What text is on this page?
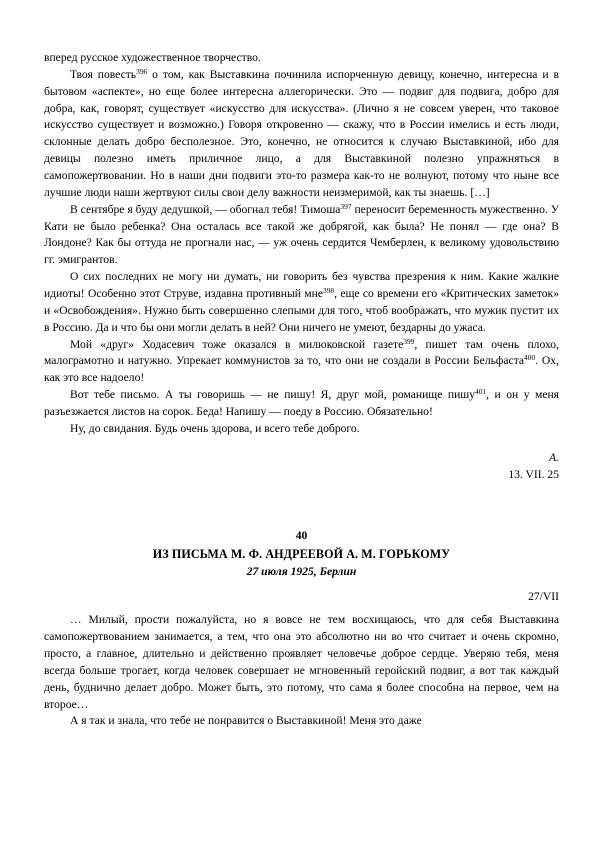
вперед русское художественное творчество.

Твоя повесть$^{396}$ о том, как Выставкина починила испорченную девицу, конечно, интересна и в бытовом «аспекте», но еще более интересна аллегорически. Это — подвиг для подвига, добро для добра, как, говорят, существует «искусство для искусства». (Лично я не совсем уверен, что таковое искусство существует и возможно.) Говоря откровенно — скажу, что в России имелись и есть люди, склонные делать добро бесполезное. Это, конечно, не относится к случаю Выставкиной, ибо для девицы полезно иметь приличное лицо, а для Выставкиной полезно упражняться в самопожертвовании. Но в наши дни подвиги это-то размера как-то не волнуют, потому что ныне все лучшие люди наши жертвуют силы свои делу важности неизмеримой, как ты знаешь. […]

В сентябре я буду дедушкой, — обогнал тебя! Тимоша$^{397}$ переносит беременность мужественно. У Кати не было ребенка? Она осталась все такой же добрягой, как была? Не понял — где она? В Лондоне? Как бы оттуда не прогнали нас, — уж очень сердится Чемберлен, к великому удовольствию гг. эмигрантов.

О сих последних не могу ни думать, ни говорить без чувства презрения к ним. Какие жалкие идиоты! Особенно этот Струве, издавна противный мне$^{398}$, еще со времени его «Критических заметок» и «Освобождения». Нужно быть совершенно слепыми для того, чтоб воображать, что мужик пустит их в Россию. Да и что бы они могли делать в ней? Они ничего не умеют, бездарны до ужаса.

Мой «друг» Ходасевич тоже оказался в милюковской газете$^{399}$, пишет там очень плохо, малограмотно и натужно. Упрекает коммунистов за то, что они не создали в России Бельфаста$^{400}$. Ох, как это все надоело!

Вот тебе письмо. А ты говоришь — не пишу! Я, друг мой, романище пишу$^{401}$, и он у меня разъезжается листов на сорок. Беда! Напишу — поеду в Россию. Обязательно!

Ну, до свидания. Будь очень здорова, и всего тебе доброго.

А.
13. VII. 25
40
ИЗ ПИСЬМА М. Ф. АНДРЕЕВОЙ А. М. ГОРЬКОМУ
27 июля 1925, Берлин
27/VII

… Милый, прости пожалуйста, но я вовсе не тем восхищаюсь, что для себя Выставкина самопожертвованием занимается, а тем, что она это абсолютно ни во что считает и очень скромно, просто, а главное, длительно и действенно проявляет человечье доброе сердце. Уверяю тебя, меня всегда больше трогает, когда человек совершает не мгновенный геройский подвиг, а вот так каждый день, буднично делает добро. Может быть, это потому, что сама я более способна на первое, чем на второе…

А я так и знала, что тебе не понравится о Выставкиной! Меня это даже
